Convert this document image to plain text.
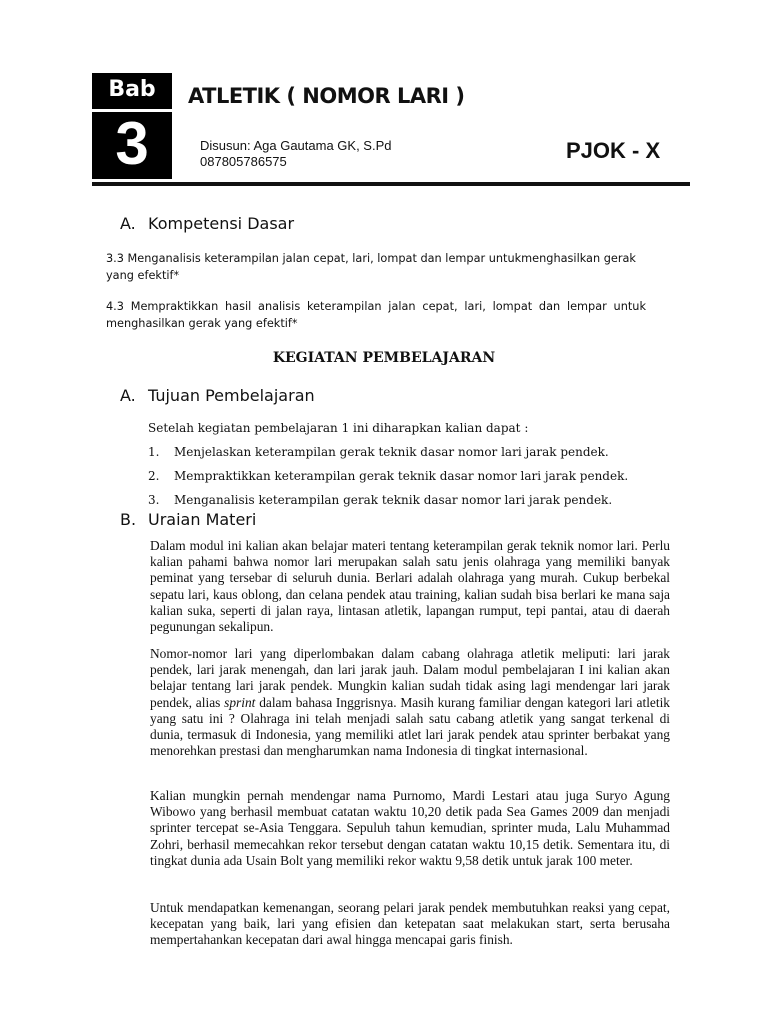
Bab
3
ATLETIK ( NOMOR LARI )
Disusun: Aga Gautama GK, S.Pd
087805786575	PJOK - X
A. Kompetensi Dasar
3.3 Menganalisis keterampilan jalan cepat, lari, lompat dan lempar untukmenghasilkan gerak yang efektif*
4.3 Mempraktikkan hasil analisis keterampilan jalan cepat, lari, lompat dan lempar untuk menghasilkan gerak yang efektif*
KEGIATAN PEMBELAJARAN
A. Tujuan Pembelajaran
Setelah kegiatan pembelajaran 1 ini diharapkan kalian dapat :
1. Menjelaskan keterampilan gerak teknik dasar nomor lari jarak pendek.
2. Mempraktikkan keterampilan gerak teknik dasar nomor lari jarak pendek.
3. Menganalisis keterampilan gerak teknik dasar nomor lari jarak pendek.
B. Uraian Materi

Dalam modul ini kalian akan belajar materi tentang keterampilan gerak teknik nomor lari. Perlu kalian pahami bahwa nomor lari merupakan salah satu jenis olahraga yang memiliki banyak peminat yang tersebar di seluruh dunia. Berlari adalah olahraga yang murah. Cukup berbekal sepatu lari, kaus oblong, dan celana pendek atau training, kalian sudah bisa berlari ke mana saja kalian suka, seperti di jalan raya, lintasan atletik, lapangan rumput, tepi pantai, atau di daerah pegunungan sekalipun.

Nomor-nomor lari yang diperlombakan dalam cabang olahraga atletik meliputi: lari jarak pendek, lari jarak menengah, dan lari jarak jauh. Dalam modul pembelajaran I ini kalian akan belajar tentang lari jarak pendek. Mungkin kalian sudah tidak asing lagi mendengar lari jarak pendek, alias sprint dalam bahasa Inggrisnya. Masih kurang familiar dengan kategori lari atletik yang satu ini ? Olahraga ini telah menjadi salah satu cabang atletik yang sangat terkenal di dunia, termasuk di Indonesia, yang memiliki atlet lari jarak pendek atau sprinter berbakat yang menorehkan prestasi dan mengharumkan nama Indonesia di tingkat internasional.

Kalian mungkin pernah mendengar nama Purnomo, Mardi Lestari atau juga Suryo Agung Wibowo yang berhasil membuat catatan waktu 10,20 detik pada Sea Games 2009 dan menjadi sprinter tercepat se-Asia Tenggara. Sepuluh tahun kemudian, sprinter muda, Lalu Muhammad Zohri, berhasil memecahkan rekor tersebut dengan catatan waktu 10,15 detik. Sementara itu, di tingkat dunia ada Usain Bolt yang memiliki rekor waktu 9,58 detik untuk jarak 100 meter.

Untuk mendapatkan kemenangan, seorang pelari jarak pendek membutuhkan reaksi yang cepat, kecepatan yang baik, lari yang efisien dan ketepatan saat melakukan start, serta berusaha mempertahankan kecepatan dari awal hingga mencapai garis finish.
